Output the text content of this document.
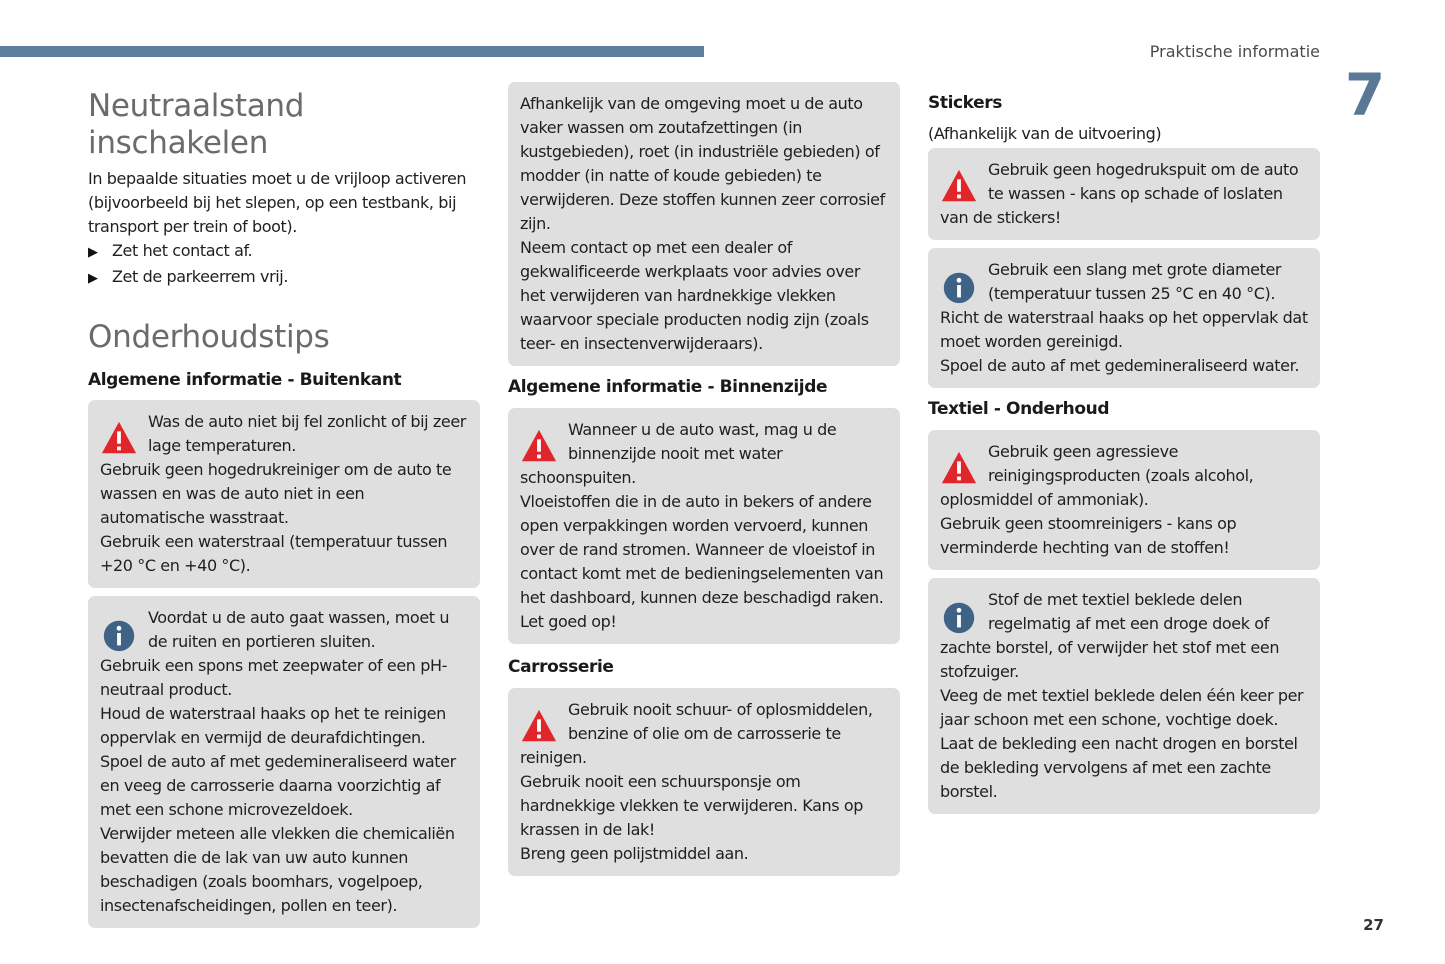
Praktische informatie
7
27
Neutraalstand inschakelen

In bepaalde situaties moet u de vrijloop activeren (bijvoorbeeld bij het slepen, op een testbank, bij transport per trein of boot).

▶ Zet het contact af.
▶ Zet de parkeerrem vrij.
Onderhoudstips
Algemene informatie - Buitenkant

Was de auto niet bij fel zonlicht of bij zeer lage temperaturen.

Gebruik geen hogedrukreiniger om de auto te wassen en was de auto niet in een automatische wasstraat.

Gebruik een waterstraal (temperatuur tussen +20 °C en +40 °C).

Voordat u de auto gaat wassen, moet u de ruiten en portieren sluiten.

Gebruik een spons met zeepwater of een pH-neutraal product.

Houd de waterstraal haaks op het te reinigen oppervlak en vermijd de deurafdichtingen.

Spoel de auto af met gedemineraliseerd water en veeg de carrosserie daarna voorzichtig af met een schone microvezeldoek.

Verwijder meteen alle vlekken die chemicaliën bevatten die de lak van uw auto kunnen beschadigen (zoals boomhars, vogelpoep, insectenafscheidingen, pollen en teer).

Afhankelijk van de omgeving moet u de auto vaker wassen om zoutafzettingen (in kustgebieden), roet (in industriële gebieden) of modder (in natte of koude gebieden) te verwijderen. Deze stoffen kunnen zeer corrosief zijn.

Neem contact op met een dealer of gekwalificeerde werkplaats voor advies over het verwijderen van hardnekkige vlekken waarvoor speciale producten nodig zijn (zoals teer- en insectenverwijderaars).

Algemene informatie - Binnenzijde

Wanneer u de auto wast, mag u de binnenzijde nooit met water schoonspuiten.

Vloeistoffen die in de auto in bekers of andere open verpakkingen worden vervoerd, kunnen over de rand stromen. Wanneer de vloeistof in contact komt met de bedieningselementen van het dashboard, kunnen deze beschadigd raken. Let goed op!

Carrosserie

Gebruik nooit schuur- of oplosmiddelen, benzine of olie om de carrosserie te reinigen.

Gebruik nooit een schuursponsje om hardnekkige vlekken te verwijderen. Kans op krassen in de lak!

Breng geen polijstmiddel aan.

Stickers

(Afhankelijk van de uitvoering)

Gebruik geen hogedrukspuit om de auto te wassen - kans op schade of loslaten van de stickers!

Gebruik een slang met grote diameter (temperatuur tussen 25 °C en 40 °C).

Richt de waterstraal haaks op het oppervlak dat moet worden gereinigd.

Spoel de auto af met gedemineraliseerd water.

Textiel - Onderhoud

Gebruik geen agressieve reinigingsproducten (zoals alcohol, oplosmiddel of ammoniak).

Gebruik geen stoomreinigers - kans op verminderde hechting van de stoffen!

Stof de met textiel beklede delen regelmatig af met een droge doek of zachte borstel, of verwijder het stof met een stofzuiger.

Veeg de met textiel beklede delen één keer per jaar schoon met een schone, vochtige doek.

Laat de bekleding een nacht drogen en borstel de bekleding vervolgens af met een zachte borstel.
